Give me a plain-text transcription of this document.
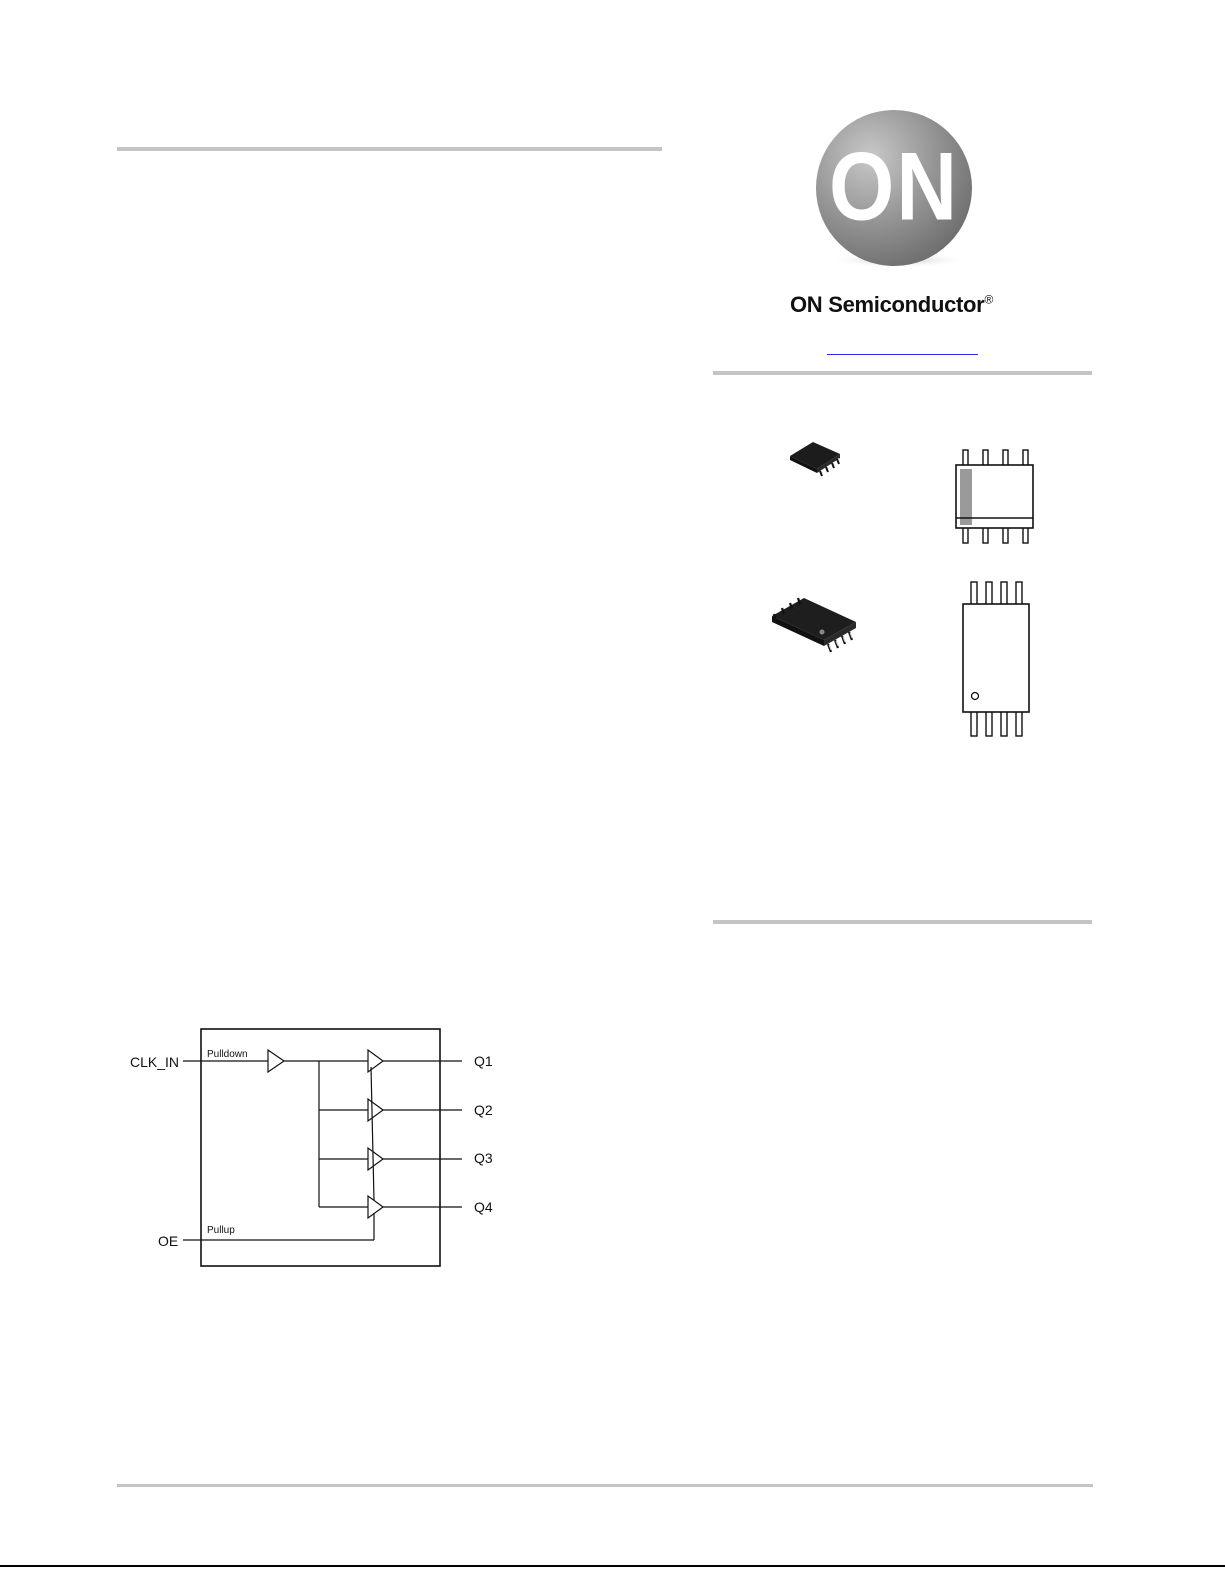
ON
ON Semiconductor®
CLK_IN
OE
Pulldown
Pullup
Q1
Q2
Q3
Q4
